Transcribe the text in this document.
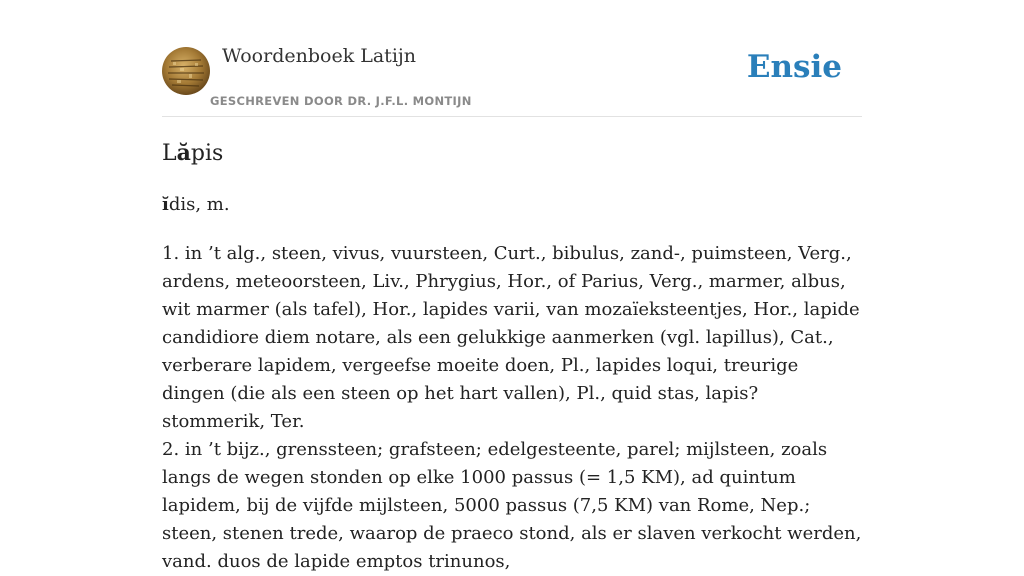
Woordenboek Latijn
GESCHREVEN DOOR DR. J.F.L. MONTIJN
Ensie
Lăpis
ĭdis, m.

1. in ’t alg., steen, vivus, vuursteen, Curt., bibulus, zand-, puimsteen, Verg., ardens, meteoorsteen, Liv., Phrygius, Hor., of Parius, Verg., marmer, albus, wit marmer (als tafel), Hor., lapides varii, van mozaïeksteentjes, Hor., lapide candidiore diem notare, als een gelukkige aanmerken (vgl. lapillus), Cat., verberare lapidem, vergeefse moeite doen, Pl., lapides loqui, treurige dingen (die als een steen op het hart vallen), Pl., quid stas, lapis? stommerik, Ter.

2. in ’t bijz., grenssteen; grafsteen; edelgesteente, parel; mijlsteen, zoals langs de wegen stonden op elke 1000 passus (= 1,5 KM), ad quintum lapidem, bij de vijfde mijlsteen, 5000 passus (7,5 KM) van Rome, Nep.; steen, stenen trede, waarop de praeco stond, als er slaven verkocht werden, vand. duos de lapide emptos trinunos,
